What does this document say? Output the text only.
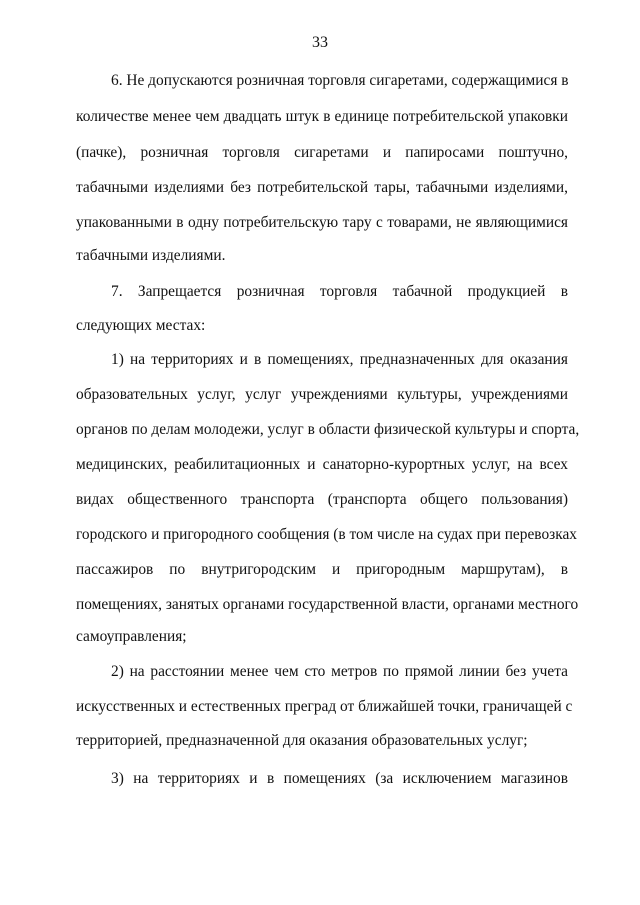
33
6. Не допускаются розничная торговля сигаретами, содержащимися в
количестве менее чем двадцать штук в единице потребительской упаковки
(пачке), розничная торговля сигаретами и папиросами поштучно,
табачными изделиями без потребительской тары, табачными изделиями,
упакованными в одну потребительскую тару с товарами, не являющимися
табачными изделиями.
7. Запрещается розничная торговля табачной продукцией в
следующих местах:
1) на территориях и в помещениях, предназначенных для оказания
образовательных услуг, услуг учреждениями культуры, учреждениями
органов по делам молодежи, услуг в области физической культуры и спорта,
медицинских, реабилитационных и санаторно-курортных услуг, на всех
видах общественного транспорта (транспорта общего пользования)
городского и пригородного сообщения (в том числе на судах при перевозках
пассажиров по внутригородским и пригородным маршрутам), в
помещениях, занятых органами государственной власти, органами местного
самоуправления;
2) на расстоянии менее чем сто метров по прямой линии без учета
искусственных и естественных преград от ближайшей точки, граничащей с
территорией, предназначенной для оказания образовательных услуг;
3) на территориях и в помещениях (за исключением магазинов
